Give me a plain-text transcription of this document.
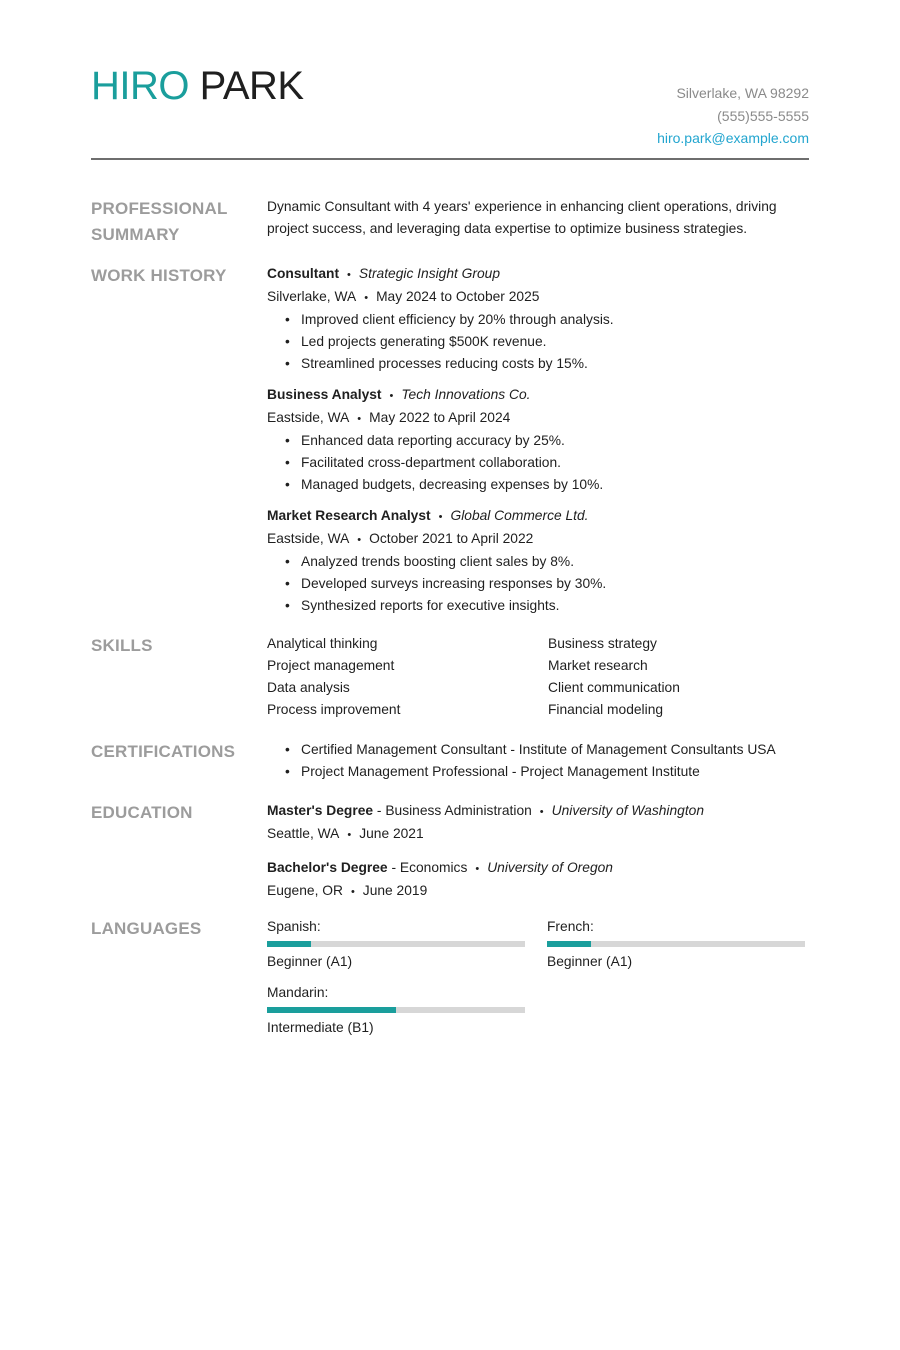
HIRO PARK	Silverlake, WA 98292
(555)555-5555
hiro.park@example.com
PROFESSIONAL SUMMARY
Dynamic Consultant with 4 years' experience in enhancing client operations, driving project success, and leveraging data expertise to optimize business strategies.
WORK HISTORY	Consultant • Strategic Insight Group
Silverlake, WA • May 2024 to October 2025
• Improved client efficiency by 20% through analysis.
• Led projects generating $500K revenue.
• Streamlined processes reducing costs by 15%.
Business Analyst • Tech Innovations Co.
Eastside, WA • May 2022 to April 2024
• Enhanced data reporting accuracy by 25%.
• Facilitated cross-department collaboration.
• Managed budgets, decreasing expenses by 10%.
Market Research Analyst • Global Commerce Ltd.
Eastside, WA • October 2021 to April 2022
• Analyzed trends boosting client sales by 8%.
• Developed surveys increasing responses by 30%.
• Synthesized reports for executive insights.
SKILLS	Analytical thinking	Business strategy
Project management	Market research
Data analysis	Client communication
Process improvement	Financial modeling
CERTIFICATIONS
•	Certified Management Consultant - Institute of Management Consultants USA
• Project Management Professional - Project Management Institute
EDUCATION	Master's Degree - Business Administration • University of Washington
Seattle, WA • June 2021
Bachelor's Degree - Economics • University of Oregon
Eugene, OR • June 2019
LANGUAGES	Spanish:
Beginner (A1)
French:
Beginner (A1)
Mandarin:
Intermediate (B1)
